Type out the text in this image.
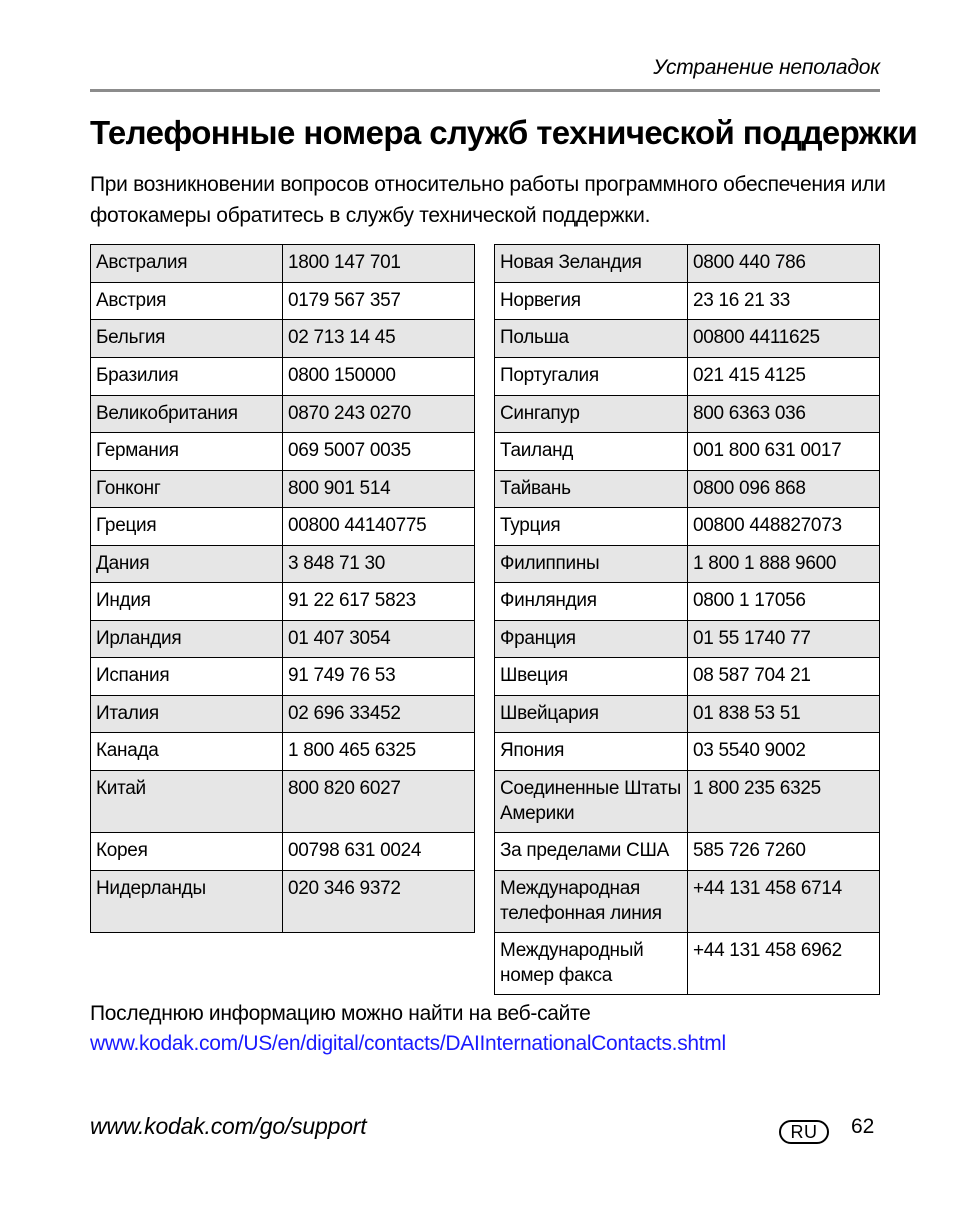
Устранение неполадок
Телефонные номера служб технической поддержки

При возникновении вопросов относительно работы программного обеспечения или фотокамеры обратитесь в службу технической поддержки.

Австралия	1800 147 701
Австрия	0179 567 357
Бельгия	02 713 14 45
Бразилия	0800 150000
Великобритания	0870 243 0270
Германия	069 5007 0035
Гонконг	800 901 514
Греция	00800 44140775
Дания	3 848 71 30
Индия	91 22 617 5823
Ирландия	01 407 3054
Испания	91 749 76 53
Италия	02 696 33452
Канада	1 800 465 6325
Китай	800 820 6027
Корея	00798 631 0024
Нидерланды	020 346 9372
Новая Зеландия	0800 440 786
Норвегия	23 16 21 33
Польша	00800 4411625
Португалия	021 415 4125
Сингапур	800 6363 036
Таиланд	001 800 631 0017
Тайвань	0800 096 868
Турция	00800 448827073
Филиппины	1 800 1 888 9600
Финляндия	0800 1 17056
Франция	01 55 1740 77
Швеция	08 587 704 21
Швейцария	01 838 53 51
Япония	03 5540 9002
Соединенные Штаты Америки	1 800 235 6325
За пределами США	585 726 7260
Международная телефонная линия	+44 131 458 6714
Международный номер факса	+44 131 458 6962

Последнюю информацию можно найти на веб-сайте
www.kodak.com/US/en/digital/contacts/DAIInternationalContacts.shtml

www.kodak.com/go/support	RU	62
